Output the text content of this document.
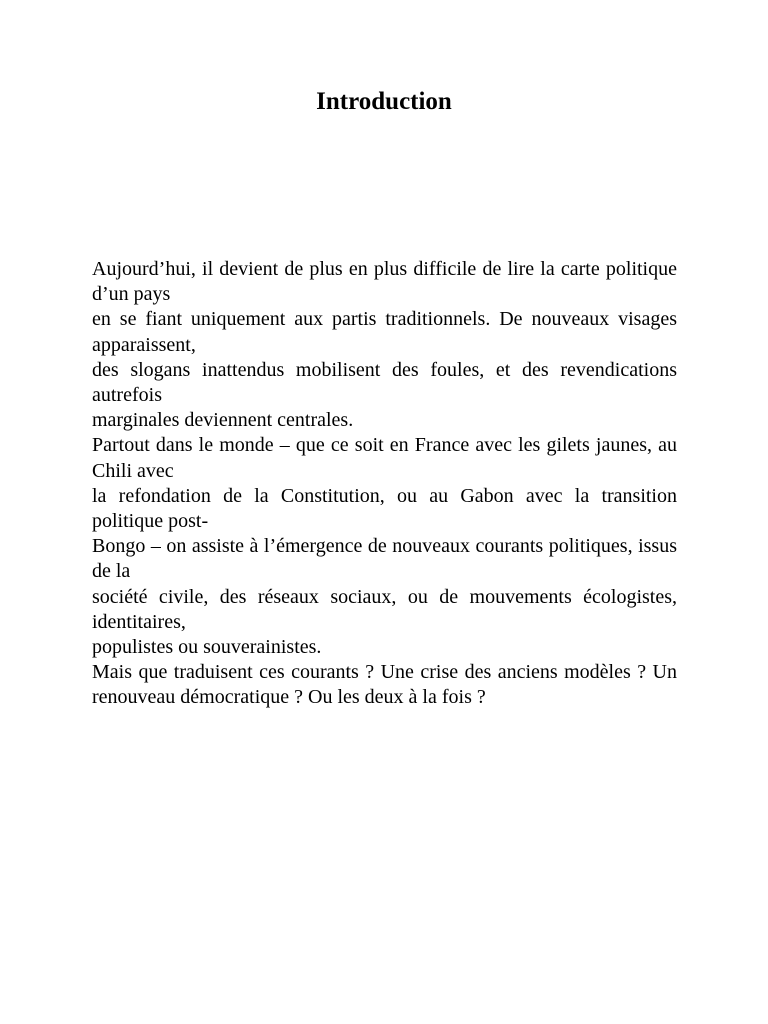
Introduction

Aujourd’hui, il devient de plus en plus difficile de lire la carte politique d’un pays

en se fiant uniquement aux partis traditionnels. De nouveaux visages apparaissent,

des slogans inattendus mobilisent des foules, et des revendications autrefois

marginales deviennent centrales.

Partout dans le monde – que ce soit en France avec les gilets jaunes, au Chili avec

la refondation de la Constitution, ou au Gabon avec la transition politique post-

Bongo – on assiste à l’émergence de nouveaux courants politiques, issus de la

société civile, des réseaux sociaux, ou de mouvements écologistes, identitaires,

populistes ou souverainistes.

Mais que traduisent ces courants ? Une crise des anciens modèles ? Un renouveau démocratique ? Ou les deux à la fois ?
